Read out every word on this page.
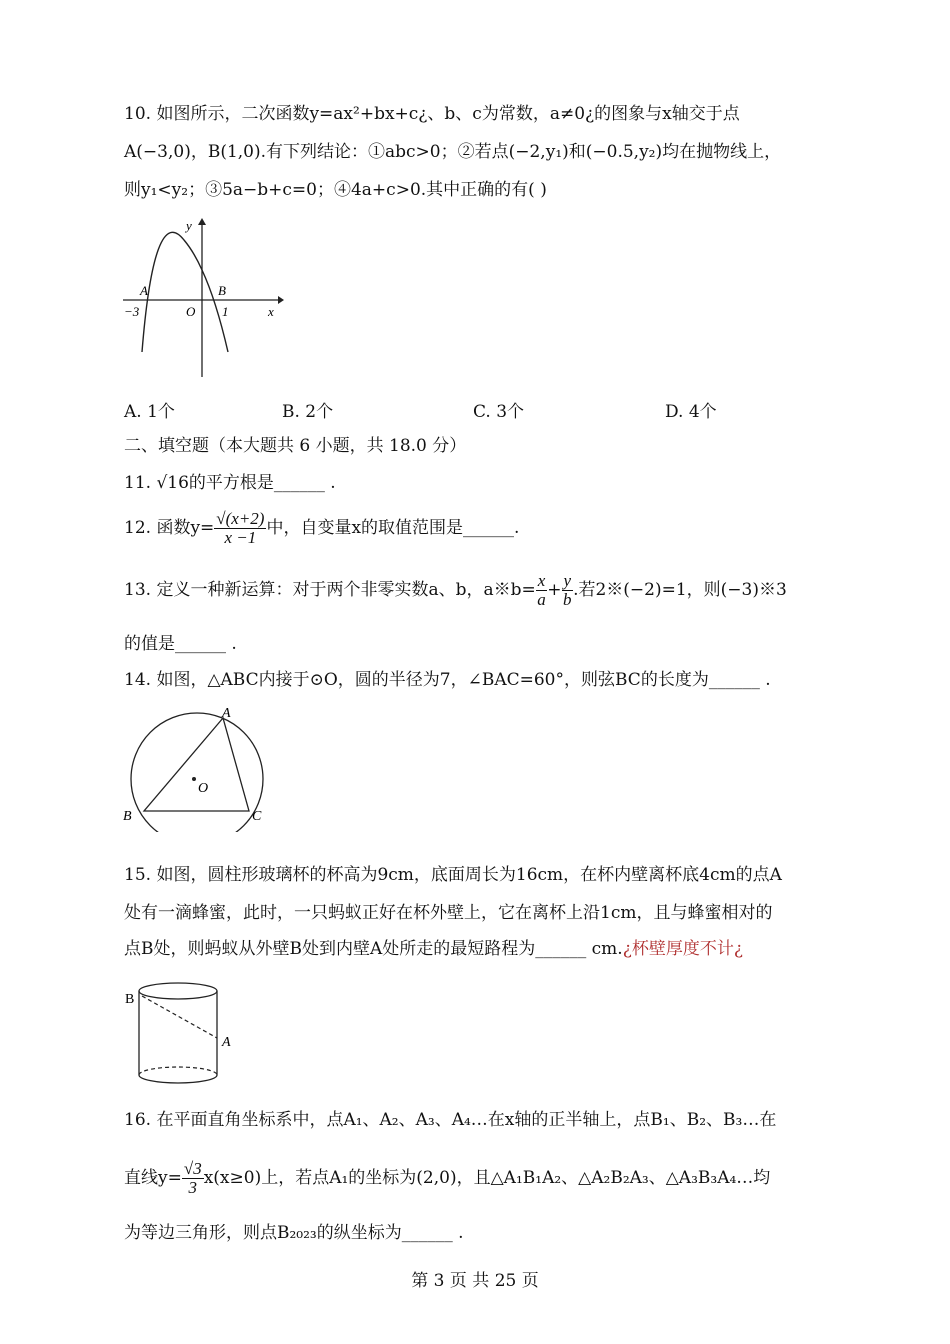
10. 如图所示，二次函数y=ax²+bx+c¿、b、c为常数，a≠0¿的图象与x轴交于点
A(−3,0)，B(1,0).有下列结论：①abc>0；②若点(−2,y₁)和(−0.5,y₂)均在抛物线上，
则y₁<y₂；③5a−b+c=0；④4a+c>0.其中正确的有( )
y
x
A	B
O
−3	1
A. 1个	B. 2个	C. 3个	D. 4个
二、填空题（本大题共 6 小题，共 18.0 分）
11. √16的平方根是______ .
12. 函数$y= \frac{√(x+2)}{x -1}$ 中，自变量x的取值范围是______.
13. 定义一种新运算：对于两个非零实数a、b，a※b= $\frac{x}{a} + \frac{y}{b}$ .若2※(−2)=1，则(−3)※3
的值是______ .
14. 如图，△ABC内接于⊙O，圆的半径为7，∠BAC=60°，则弦BC的长度为______ .
A
B	C
O
15. 如图，圆柱形玻璃杯的杯高为9cm，底面周长为16cm，在杯内壁离杯底4cm的点A
处有一滴蜂蜜，此时，一只蚂蚁正好在杯外壁上，它在离杯上沿1cm，且与蜂蜜相对的
点B处，则蚂蚁从外壁B处到内壁A处所走的最短路程为______ cm.¿杯壁厚度不计¿
B
A
16. 在平面直角坐标系中，点A₁、A₂、A₃、A₄…在x轴的正半轴上，点B₁、B₂、B₃…在
直线$y= \frac{√3}{3} x(x\ge 0)$上，若点A₁的坐标为(2,0)，且△A₁B₁A₂、△A₂B₂A₃、△A₃B₃A₄…均
为等边三角形，则点B₂₀₂₃的纵坐标为______ .
第 3 页 共 25 页
